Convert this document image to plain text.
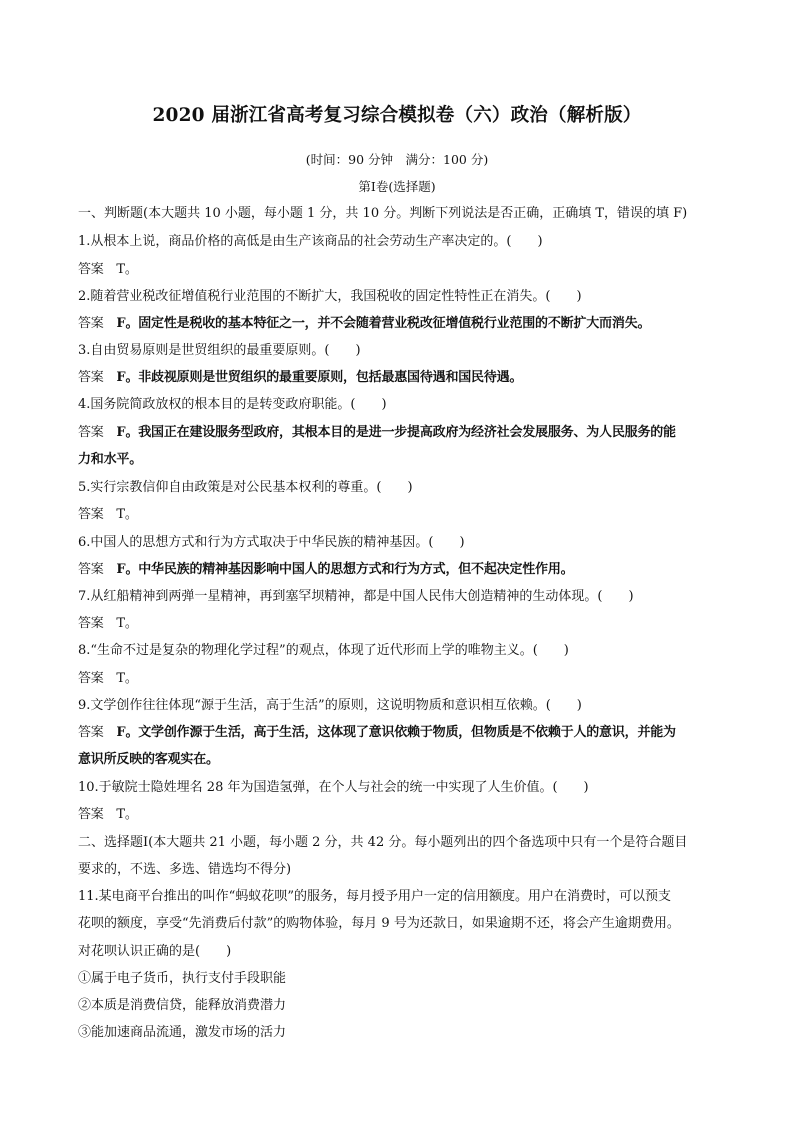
2020 届浙江省高考复习综合模拟卷（六）政治（解析版）
(时间：90 分钟　满分：100 分)
第Ⅰ卷(选择题)
一、判断题(本大题共 10 小题，每小题 1 分，共 10 分。判断下列说法是否正确，正确填 T，错误的填 F)
1.从根本上说，商品价格的高低是由生产该商品的社会劳动生产率决定的。(　　)
答案　 T。
2.随着营业税改征增值税行业范围的不断扩大，我国税收的固定性特性正在消失。(　　)
答案　 F。固定性是税收的基本特征之一，并不会随着营业税改征增值税行业范围的不断扩大而消失。
3.自由贸易原则是世贸组织的最重要原则。(　　)
答案　 F。非歧视原则是世贸组织的最重要原则，包括最惠国待遇和国民待遇。
4.国务院简政放权的根本目的是转变政府职能。(　　)
答案　 F。我国正在建设服务型政府，其根本目的是进一步提高政府为经济社会发展服务、为人民服务的能
力和水平。
5.实行宗教信仰自由政策是对公民基本权利的尊重。(　　)
答案　 T。
6.中国人的思想方式和行为方式取决于中华民族的精神基因。(　　)
答案　 F。中华民族的精神基因影响中国人的思想方式和行为方式，但不起决定性作用。
7.从红船精神到两弹一星精神，再到塞罕坝精神，都是中国人民伟大创造精神的生动体现。(　　)
答案　 T。
8.“生命不过是复杂的物理化学过程”的观点，体现了近代形而上学的唯物主义。(　　)
答案　 T。
9.文学创作往往体现“源于生活，高于生活”的原则，这说明物质和意识相互依赖。(　　)
答案　 F。文学创作源于生活，高于生活，这体现了意识依赖于物质，但物质是不依赖于人的意识，并能为
意识所反映的客观实在。
10.于敏院士隐姓埋名 28 年为国造氢弹，在个人与社会的统一中实现了人生价值。(　　)
答案　 T。
二、选择题Ⅰ(本大题共 21 小题，每小题 2 分，共 42 分。每小题列出的四个备选项中只有一个是符合题目
要求的，不选、多选、错选均不得分)
11.某电商平台推出的叫作“蚂蚁花呗”的服务，每月授予用户一定的信用额度。用户在消费时，可以预支
花呗的额度，享受“先消费后付款”的购物体验，每月 9 号为还款日，如果逾期不还，将会产生逾期费用。
对花呗认识正确的是(　　)
①属于电子货币，执行支付手段职能
②本质是消费信贷，能释放消费潜力
③能加速商品流通，激发市场的活力
